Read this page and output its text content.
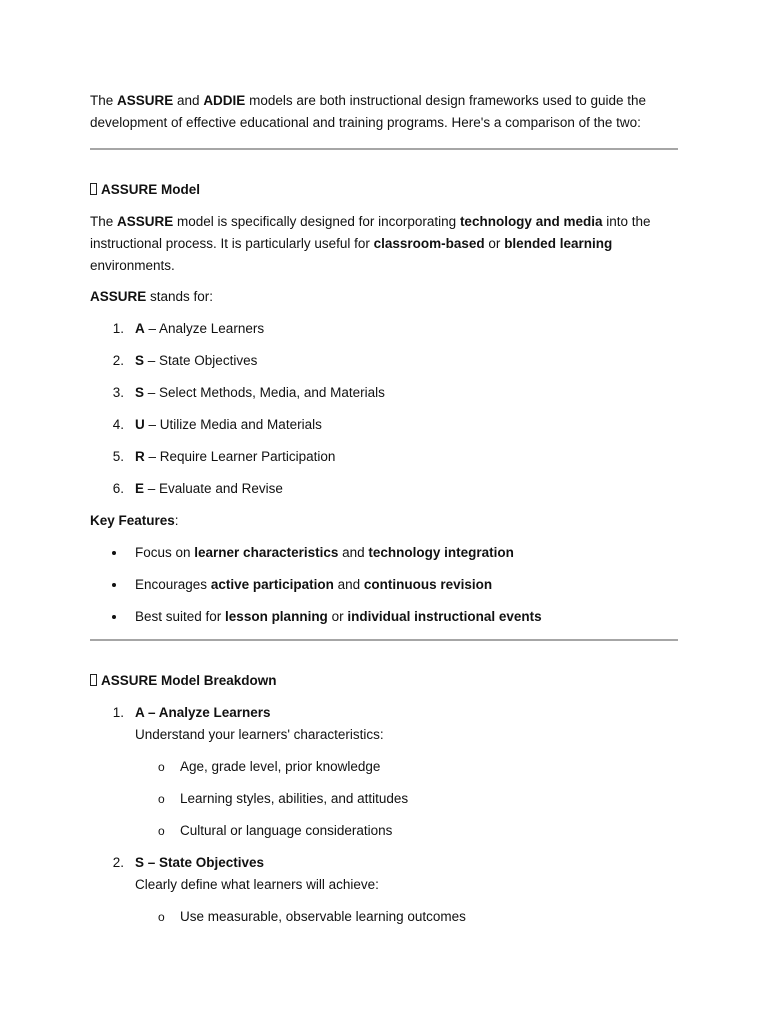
The ASSURE and ADDIE models are both instructional design frameworks used to guide the development of effective educational and training programs. Here's a comparison of the two:

ASSURE Model

The ASSURE model is specifically designed for incorporating technology and media into the instructional process. It is particularly useful for classroom-based or blended learning environments.

ASSURE stands for:

1. A – Analyze Learners
2. S – State Objectives
3. S – Select Methods, Media, and Materials
4. U – Utilize Media and Materials
5. R – Require Learner Participation
6. E – Evaluate and Revise

Key Features:

Focus on learner characteristics and technology integration
Encourages active participation and continuous revision
Best suited for lesson planning or individual instructional events
ASSURE Model Breakdown
1. A – Analyze Learners
Understand your learners' characteristics:
o Age, grade level, prior knowledge
o Learning styles, abilities, and attitudes
o Cultural or language considerations
2. S – State Objectives
Clearly define what learners will achieve:
o Use measurable, observable learning outcomes
